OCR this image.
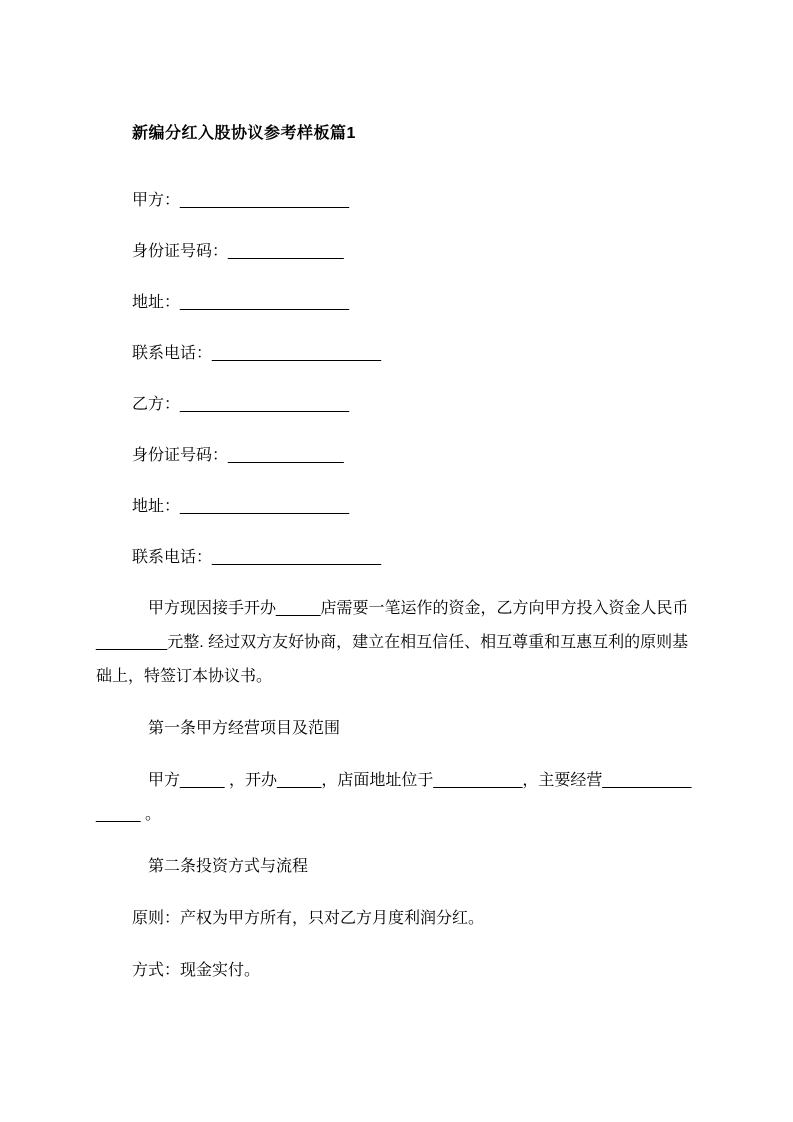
新编分红入股协议参考样板篇1

甲方：___________________

身份证号码：_____________

地址：___________________

联系电话：___________________

乙方：___________________

身份证号码：_____________

地址：___________________

联系电话：___________________

甲方现因接手开办_____店需要一笔运作的资金，乙方向甲方投入资金人民币________元整. 经过双方友好协商，建立在相互信任、相互尊重和互惠互利的原则基础上，特签订本协议书。

第一条甲方经营项目及范围

甲方_____ ，开办_____，店面地址位于__________，主要经营_______________ 。

第二条投资方式与流程

原则：产权为甲方所有，只对乙方月度利润分红。

方式：现金实付。
